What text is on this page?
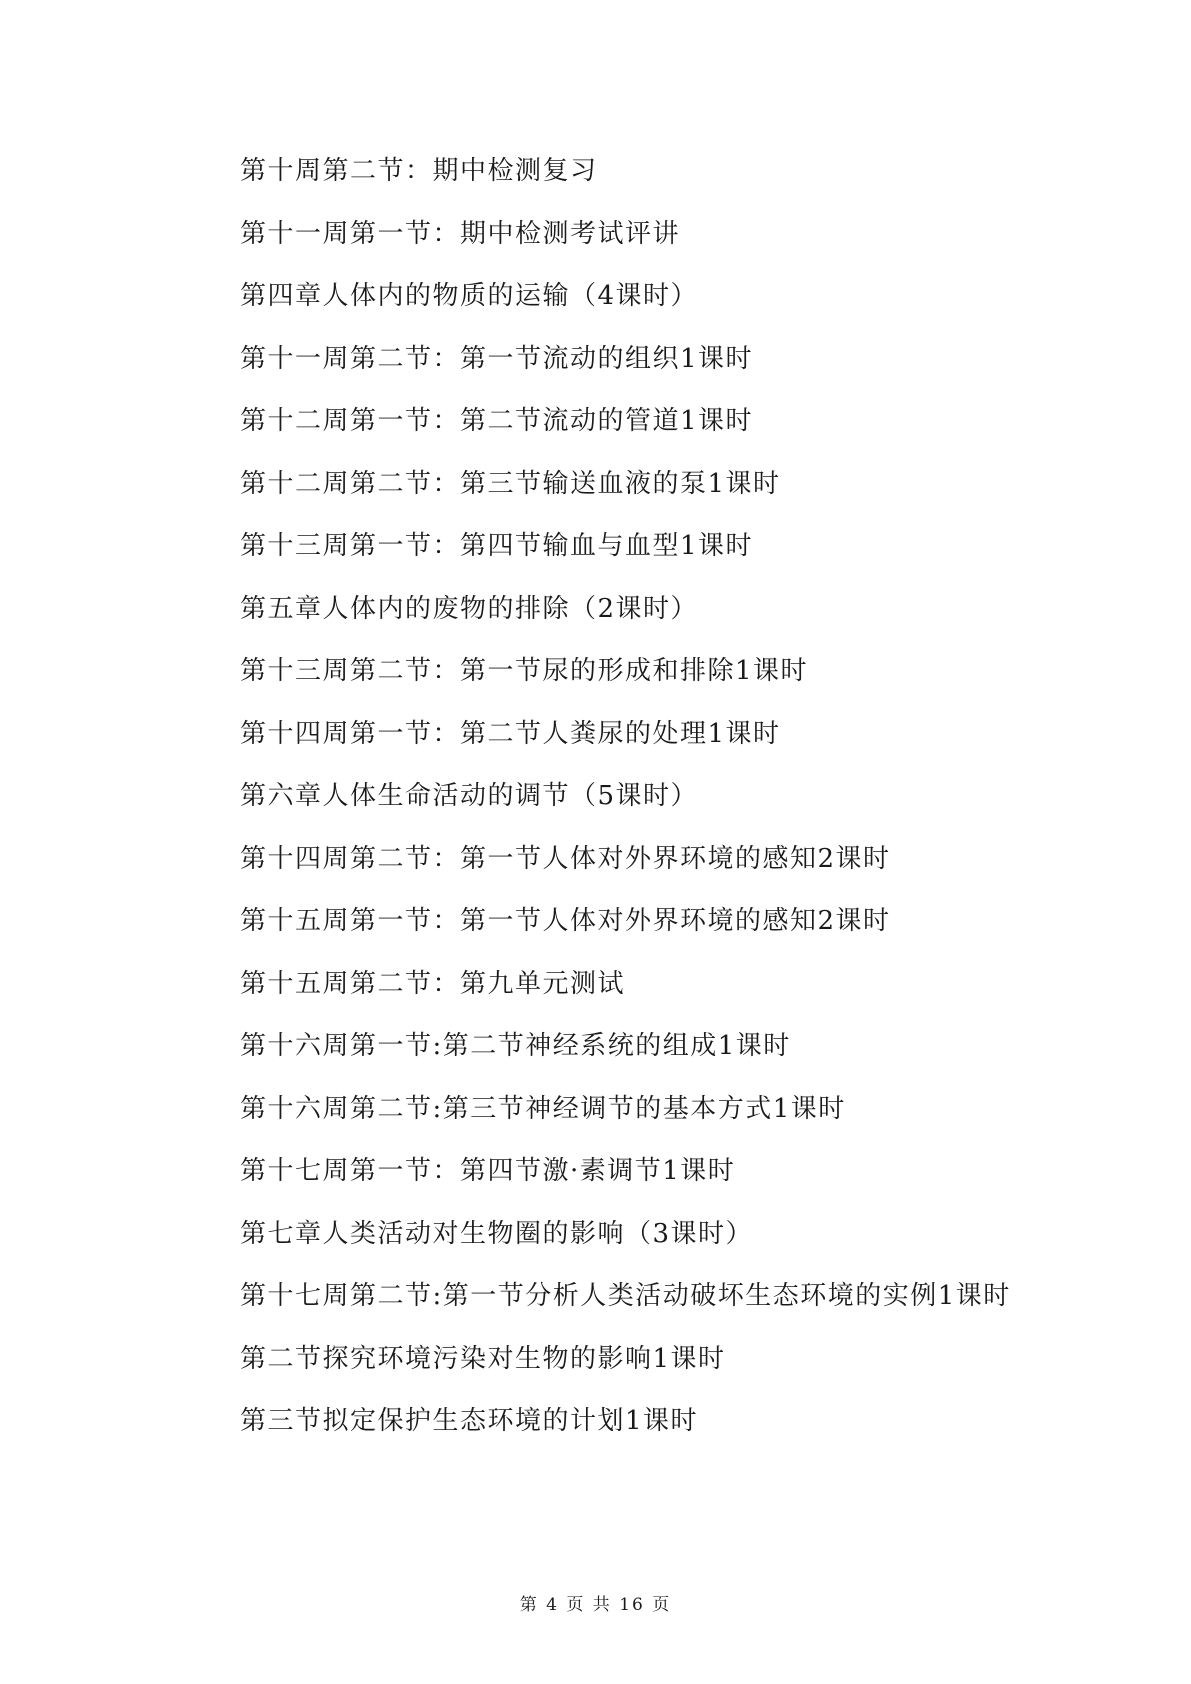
第十周第二节：期中检测复习
第十一周第一节：期中检测考试评讲
第四章人体内的物质的运输（4课时）
第十一周第二节：第一节流动的组织1课时
第十二周第一节：第二节流动的管道1课时
第十二周第二节：第三节输送血液的泵1课时
第十三周第一节：第四节输血与血型1课时
第五章人体内的废物的排除（2课时）
第十三周第二节：第一节尿的形成和排除1课时
第十四周第一节：第二节人粪尿的处理1课时
第六章人体生命活动的调节（5课时）
第十四周第二节：第一节人体对外界环境的感知2课时
第十五周第一节：第一节人体对外界环境的感知2课时
第十五周第二节：第九单元测试
第十六周第一节:第二节神经系统的组成1课时
第十六周第二节:第三节神经调节的基本方式1课时
第十七周第一节：第四节激·素调节1课时
第七章人类活动对生物圈的影响（3课时）
第十七周第二节:第一节分析人类活动破坏生态环境的实例1课时
第二节探究环境污染对生物的影响1课时
第三节拟定保护生态环境的计划1课时
第 4 页 共 16 页
